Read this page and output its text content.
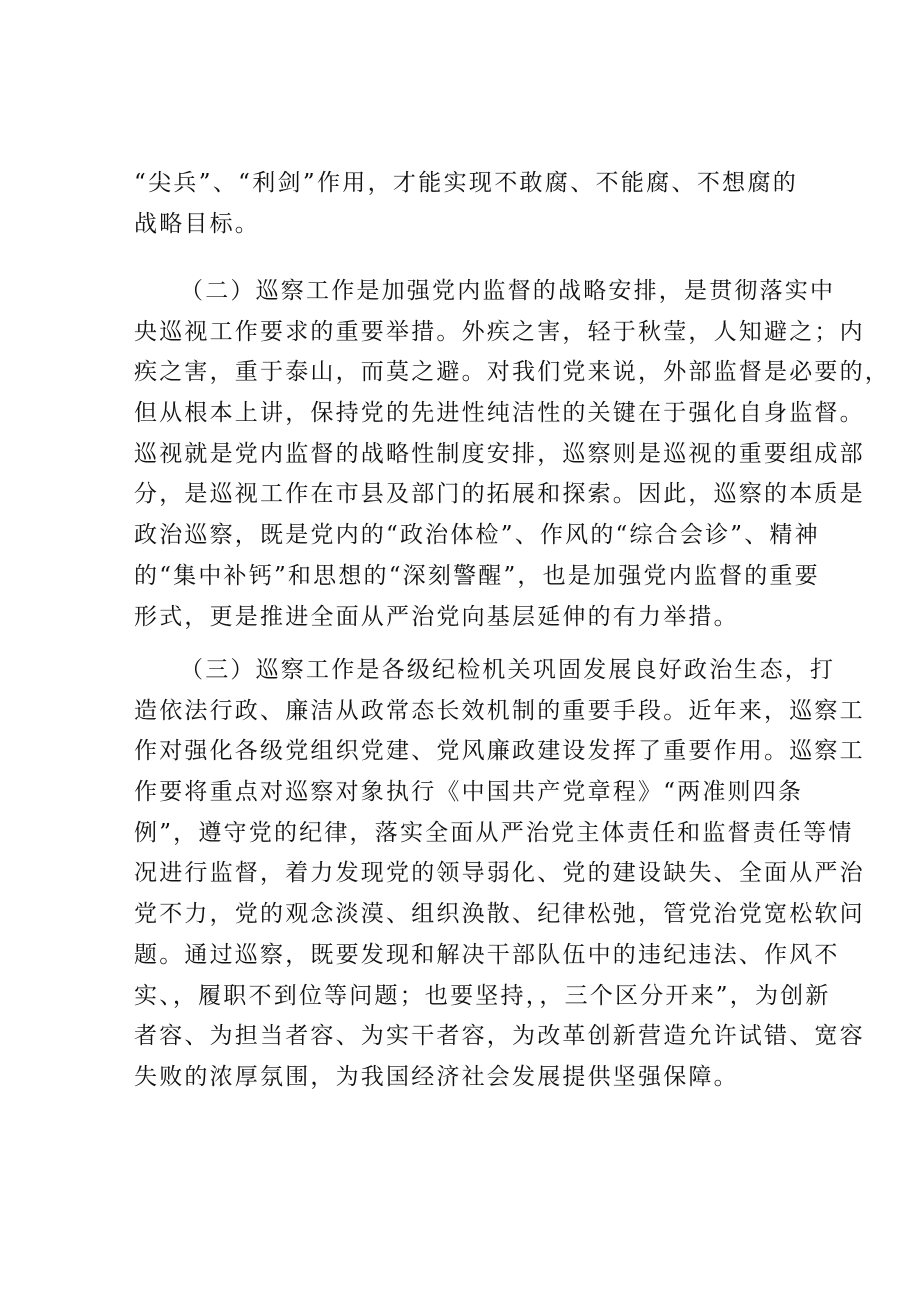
“尖兵”、“利剑”作用，才能实现不敢腐、不能腐、不想腐的
战略目标。
（二）巡察工作是加强党内监督的战略安排，是贯彻落实中
央巡视工作要求的重要举措。外疾之害，轻于秋莹，人知避之；内
疾之害，重于泰山，而莫之避。对我们党来说，外部监督是必要的，
但从根本上讲，保持党的先进性纯洁性的关键在于强化自身监督。
巡视就是党内监督的战略性制度安排，巡察则是巡视的重要组成部
分，是巡视工作在市县及部门的拓展和探索。因此，巡察的本质是
政治巡察，既是党内的“政治体检”、作风的“综合会诊”、精神
的“集中补钙”和思想的“深刻警醒”，也是加强党内监督的重要
形式，更是推进全面从严治党向基层延伸的有力举措。
（三）巡察工作是各级纪检机关巩固发展良好政治生态，打
造依法行政、廉洁从政常态长效机制的重要手段。近年来，巡察工
作对强化各级党组织党建、党风廉政建设发挥了重要作用。巡察工
作要将重点对巡察对象执行《中国共产党章程》“两准则四条
例”，遵守党的纪律，落实全面从严治党主体责任和监督责任等情
况进行监督，着力发现党的领导弱化、党的建设缺失、全面从严治
党不力，党的观念淡漠、组织涣散、纪律松弛，管党治党宽松软问
题。通过巡察，既要发现和解决干部队伍中的违纪违法、作风不
实、，履职不到位等问题；也要坚持，，三个区分开来”，为创新
者容、为担当者容、为实干者容，为改革创新营造允许试错、宽容
失败的浓厚氛围，为我国经济社会发展提供坚强保障。
